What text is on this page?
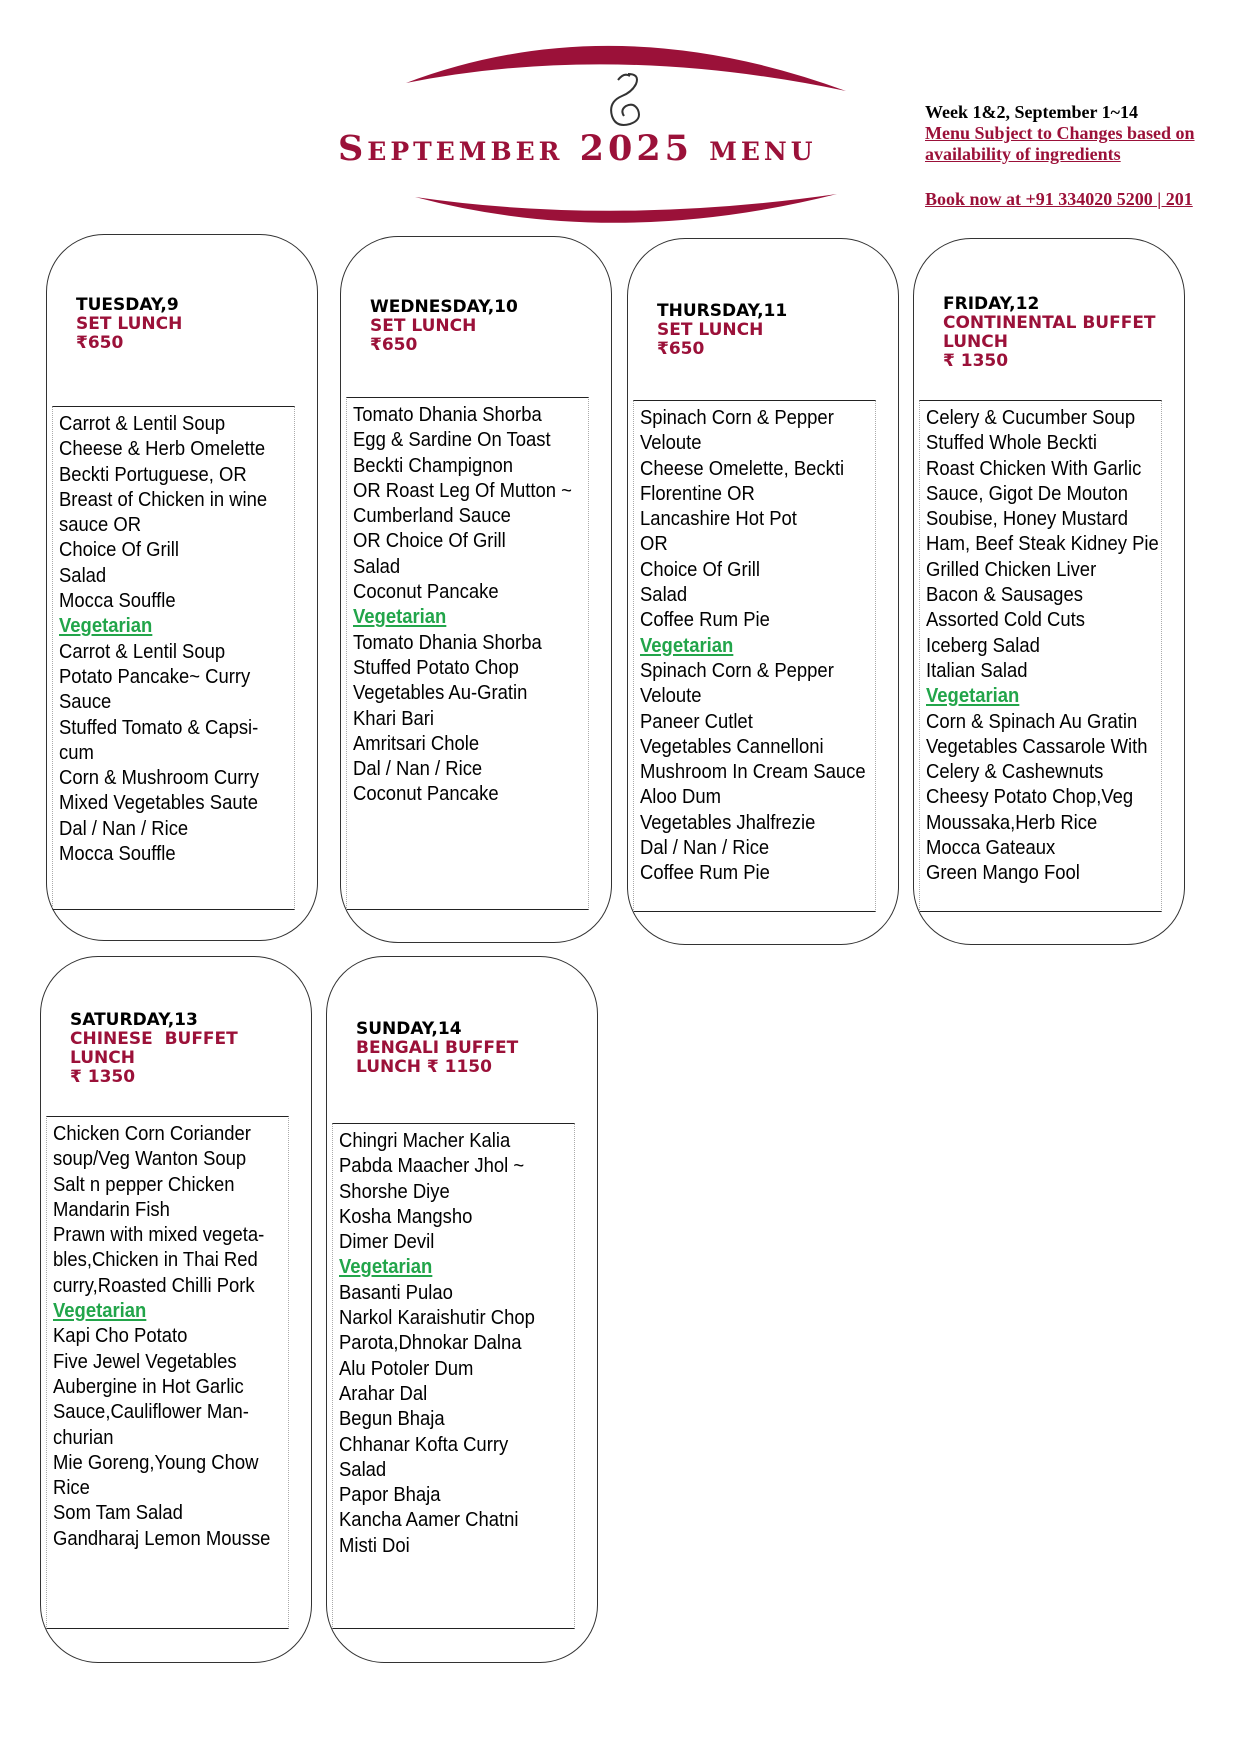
September 2025 menu
Week 1&2, September 1~14
Menu Subject to Changes based on
availability of ingredients
Book now at +91 334020 5200 | 201
TUESDAY,9
SET LUNCH
₹650
Carrot & Lentil Soup
Cheese & Herb Omelette
Beckti Portuguese, OR
Breast of Chicken in wine
sauce OR
Choice Of Grill
Salad
Mocca Souffle
Vegetarian
Carrot & Lentil Soup
Potato Pancake~ Curry
Sauce
Stuffed Tomato & Capsi-
cum
Corn & Mushroom Curry
Mixed Vegetables Saute
Dal / Nan / Rice
Mocca Souffle
WEDNESDAY,10
SET LUNCH
₹650
Tomato Dhania Shorba
Egg & Sardine On Toast
Beckti Champignon
OR Roast Leg Of Mutton ~
Cumberland Sauce
OR Choice Of Grill
Salad
Coconut Pancake
Vegetarian
Tomato Dhania Shorba
Stuffed Potato Chop
Vegetables Au-Gratin
Khari Bari
Amritsari Chole
Dal / Nan / Rice
Coconut Pancake
THURSDAY,11
SET LUNCH
₹650
Spinach Corn & Pepper
Veloute
Cheese Omelette, Beckti
Florentine OR
Lancashire Hot Pot
OR
Choice Of Grill
Salad
Coffee Rum Pie
Vegetarian
Spinach Corn & Pepper
Veloute
Paneer Cutlet
Vegetables Cannelloni
Mushroom In Cream Sauce
Aloo Dum
Vegetables Jhalfrezie
Dal / Nan / Rice
Coffee Rum Pie
FRIDAY,12
CONTINENTAL BUFFET
LUNCH
₹ 1350
Celery & Cucumber Soup
Stuffed Whole Beckti
Roast Chicken With Garlic
Sauce, Gigot De Mouton
Soubise, Honey Mustard
Ham, Beef Steak Kidney Pie
Grilled Chicken Liver
Bacon & Sausages
Assorted Cold Cuts
Iceberg Salad
Italian Salad
Vegetarian
Corn & Spinach Au Gratin
Vegetables Cassarole With
Celery & Cashewnuts
Cheesy Potato Chop,Veg
Moussaka,Herb Rice
Mocca Gateaux
Green Mango Fool
SATURDAY,13
CHINESE  BUFFET
LUNCH
₹ 1350
Chicken Corn Coriander
soup/Veg Wanton Soup
Salt n pepper Chicken
Mandarin Fish
Prawn with mixed vegeta-
bles,Chicken in Thai Red
curry,Roasted Chilli Pork
Vegetarian
Kapi Cho Potato
Five Jewel Vegetables
Aubergine in Hot Garlic
Sauce,Cauliflower Man-
churian
Mie Goreng,Young Chow
Rice
Som Tam Salad
Gandharaj Lemon Mousse
SUNDAY,14
BENGALI BUFFET
LUNCH ₹ 1150
Chingri Macher Kalia
Pabda Maacher Jhol ~
Shorshe Diye
Kosha Mangsho
Dimer Devil
Vegetarian
Basanti Pulao
Narkol Karaishutir Chop
Parota,Dhnokar Dalna
Alu Potoler Dum
Arahar Dal
Begun Bhaja
Chhanar Kofta Curry
Salad
Papor Bhaja
Kancha Aamer Chatni
Misti Doi
